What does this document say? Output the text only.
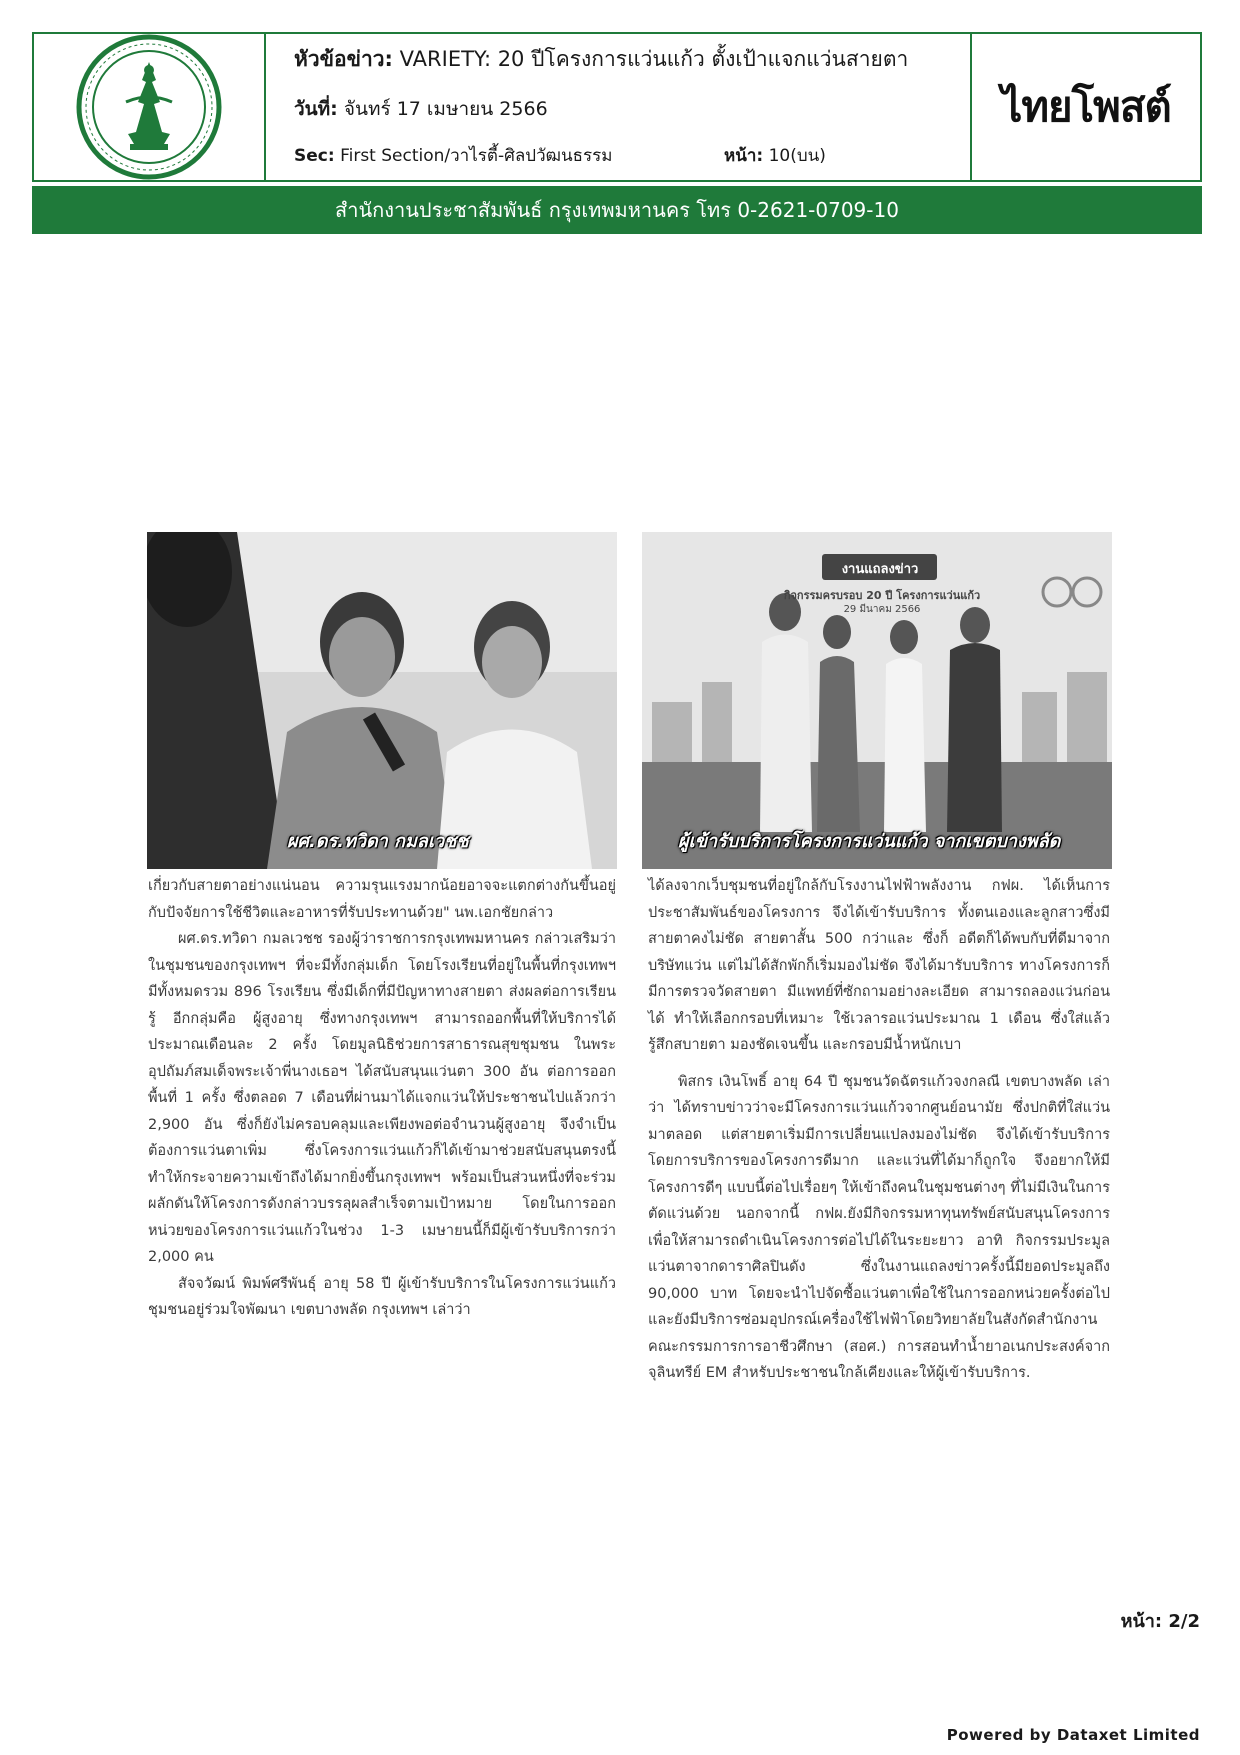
หัวข้อข่าว: VARIETY: 20 ปีโครงการแว่นแก้ว ตั้งเป้าแจกแว่นสายตา
วันที่: จันทร์ 17 เมษายน 2566
Sec: First Section/วาไรตี้-ศิลปวัฒนธรรม	หน้า: 10(บน)
ไทยโพสต์
สำนักงานประชาสัมพันธ์ กรุงเทพมหานคร โทร 0-2621-0709-10
ผศ.ดร.ทวิดา กมลเวชช
งานแถลงข่าว
กิจกรรมครบรอบ 20 ปี โครงการแว่นแก้ว
29 มีนาคม 2566
ผู้เข้ารับบริการโครงการแว่นแก้ว จากเขตบางพลัด

เกี่ยวกับสายตาอย่างแน่นอน ความรุนแรงมากน้อยอาจจะแตกต่างกันขึ้นอยู่กับปัจจัยการใช้ชีวิตและอาหารที่รับประทานด้วย" นพ.เอกชัยกล่าว

ผศ.ดร.ทวิดา กมลเวชช รองผู้ว่าราชการกรุงเทพมหานคร กล่าวเสริมว่า ในชุมชนของกรุงเทพฯ ที่จะมีทั้งกลุ่มเด็ก โดยโรงเรียนที่อยู่ในพื้นที่กรุงเทพฯ มีทั้งหมดรวม 896 โรงเรียน ซึ่งมีเด็กที่มีปัญหาทางสายตา ส่งผลต่อการเรียนรู้ อีกกลุ่มคือ ผู้สูงอายุ ซึ่งทางกรุงเทพฯ สามารถออกพื้นที่ให้บริการได้ประมาณเดือนละ 2 ครั้ง โดยมูลนิธิช่วยการสาธารณสุขชุมชน ในพระอุปถัมภ์สมเด็จพระเจ้าพี่นางเธอฯ ได้สนับสนุนแว่นตา 300 อัน ต่อการออกพื้นที่ 1 ครั้ง ซึ่งตลอด 7 เดือนที่ผ่านมาได้แจกแว่นให้ประชาชนไปแล้วกว่า 2,900 อัน ซึ่งก็ยังไม่ครอบคลุมและเพียงพอต่อจำนวนผู้สูงอายุ จึงจำเป็นต้องการแว่นตาเพิ่ม ซึ่งโครงการแว่นแก้วก็ได้เข้ามาช่วยสนับสนุนตรงนี้ ทำให้กระจายความเข้าถึงได้มากยิ่งขึ้นกรุงเทพฯ พร้อมเป็นส่วนหนึ่งที่จะร่วมผลักดันให้โครงการดังกล่าวบรรลุผลสำเร็จตามเป้าหมาย โดยในการออกหน่วยของโครงการแว่นแก้วในช่วง 1-3 เมษายนนี้ก็มีผู้เข้ารับบริการกว่า 2,000 คน

สัจจวัฒน์ พิมพ์ศรีพันธุ์ อายุ 58 ปี ผู้เข้ารับบริการในโครงการแว่นแก้ว ชุมชนอยู่ร่วมใจพัฒนา เขตบางพลัด กรุงเทพฯ เล่าว่า

ได้ลงจากเว็บชุมชนที่อยู่ใกล้กับโรงงานไฟฟ้าพลังงาน กฟผ. ได้เห็นการประชาสัมพันธ์ของโครงการ จึงได้เข้ารับบริการ ทั้งตนเองและลูกสาวซึ่งมีสายตาคงไม่ชัด สายตาสั้น 500 กว่าและ ซึ่งก็ อดีตก็ได้พบกับที่ดีมาจากบริษัทแว่น แต่ไม่ได้สักพักก็เริ่มมองไม่ชัด จึงได้มารับบริการ ทางโครงการก็มีการตรวจวัดสายตา มีแพทย์ที่ซักถามอย่างละเอียด สามารถลองแว่นก่อนได้ ทำให้เลือกกรอบที่เหมาะ ใช้เวลารอแว่นประมาณ 1 เดือน ซึ่งใส่แล้วรู้สึกสบายตา มองชัดเจนขึ้น และกรอบมีน้ำหนักเบา

พิสกร เงินโพธิ์ อายุ 64 ปี ชุมชนวัดฉัตรแก้วจงกลณี เขตบางพลัด เล่าว่า ได้ทราบข่าวว่าจะมีโครงการแว่นแก้วจากศูนย์อนามัย ซึ่งปกติที่ใส่แว่นมาตลอด แต่สายตาเริ่มมีการเปลี่ยนแปลงมองไม่ชัด จึงได้เข้ารับบริการ โดยการบริการของโครงการดีมาก และแว่นที่ได้มาก็ถูกใจ จึงอยากให้มีโครงการดีๆ แบบนี้ต่อไปเรื่อยๆ ให้เข้าถึงคนในชุมชนต่างๆ ที่ไม่มีเงินในการตัดแว่นด้วย นอกจากนี้ กฟผ.ยังมีกิจกรรมหาทุนทรัพย์สนับสนุนโครงการ เพื่อให้สามารถดำเนินโครงการต่อไปได้ในระยะยาว อาทิ กิจกรรมประมูลแว่นตาจากดาราศิลปินดัง ซึ่งในงานแถลงข่าวครั้งนี้มียอดประมูลถึง 90,000 บาท โดยจะนำไปจัดซื้อแว่นตาเพื่อใช้ในการออกหน่วยครั้งต่อไป และยังมีบริการซ่อมอุปกรณ์เครื่องใช้ไฟฟ้าโดยวิทยาลัยในสังกัดสำนักงานคณะกรรมการการอาชีวศึกษา (สอศ.) การสอนทำน้ำยาอเนกประสงค์จากจุลินทรีย์ EM สำหรับประชาชนใกล้เคียงและให้ผู้เข้ารับบริการ.

หน้า: 2/2
Powered by Dataxet Limited
